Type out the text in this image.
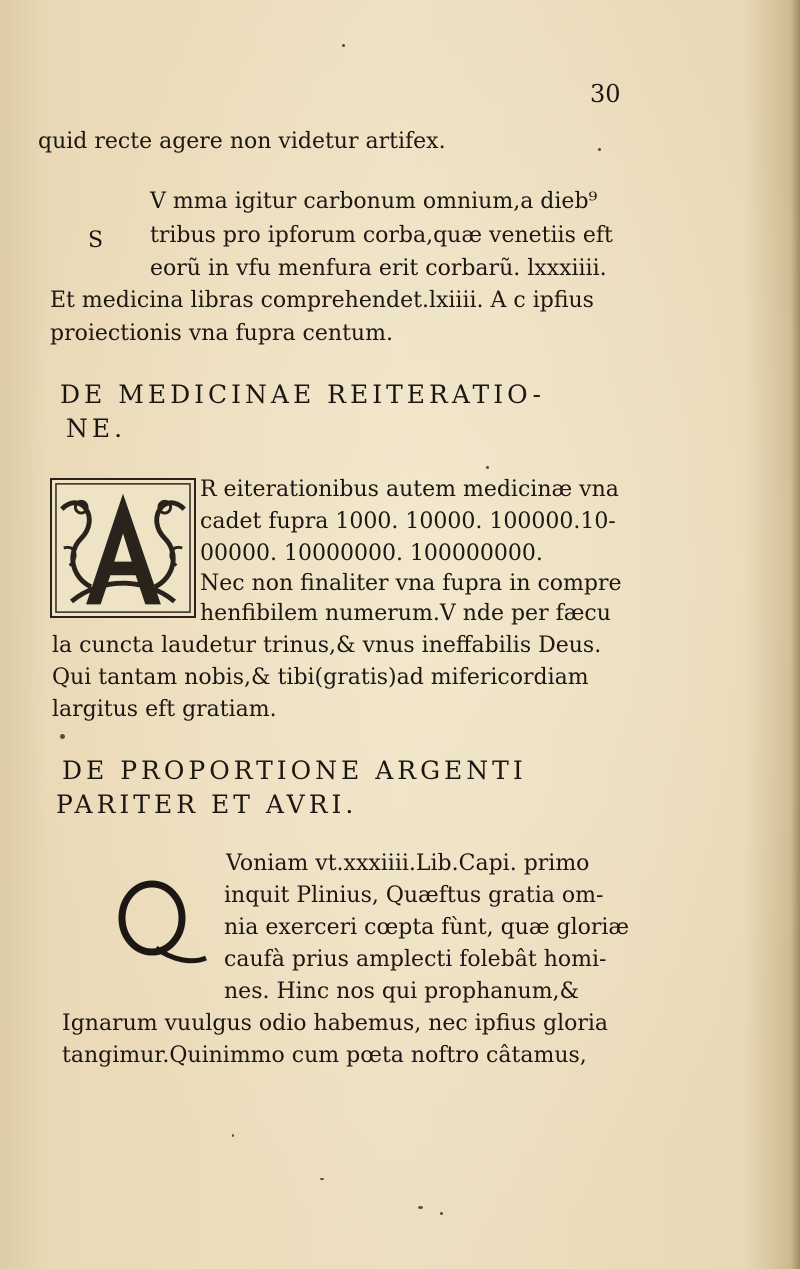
30
quid recte agere non videtur artifex.
V mma igitur carbonum omnium,a dieb⁹
S tribus pro ipforum corba,quæ venetiis eft
eorũ in vfu menfura erit corbarũ. lxxxiiii.
Et medicina libras comprehendet.lxiiii. A c ipfius
proiectionis vna fupra centum.
DE MEDICINAE REITERATIO-
NE.
R eiterationibus autem medicinæ vna
cadet fupra 1000. 10000. 100000.10-
00000. 10000000. 100000000.
Nec non finaliter vna fupra in compre
henfibilem numerum.V nde per fæcu
la cuncta laudetur trinus,& vnus ineffabilis Deus.
Qui tantam nobis,& tibi(gratis)ad mifericordiam
largitus eft gratiam.
DE PROPORTIONE ARGENTI
PARITER ET AVRI.
Voniam vt.xxxiiii.Lib.Capi. primo
inquit Plinius, Quæftus gratia om-
nia exerceri cœpta fùnt, quæ gloriæ
caufà prius amplecti folebât homi-
nes. Hinc nos qui prophanum,&
Ignarum vuulgus odio habemus, nec ipfius gloria
tangimur.Quinimmo cum pœta noftro câtamus,
